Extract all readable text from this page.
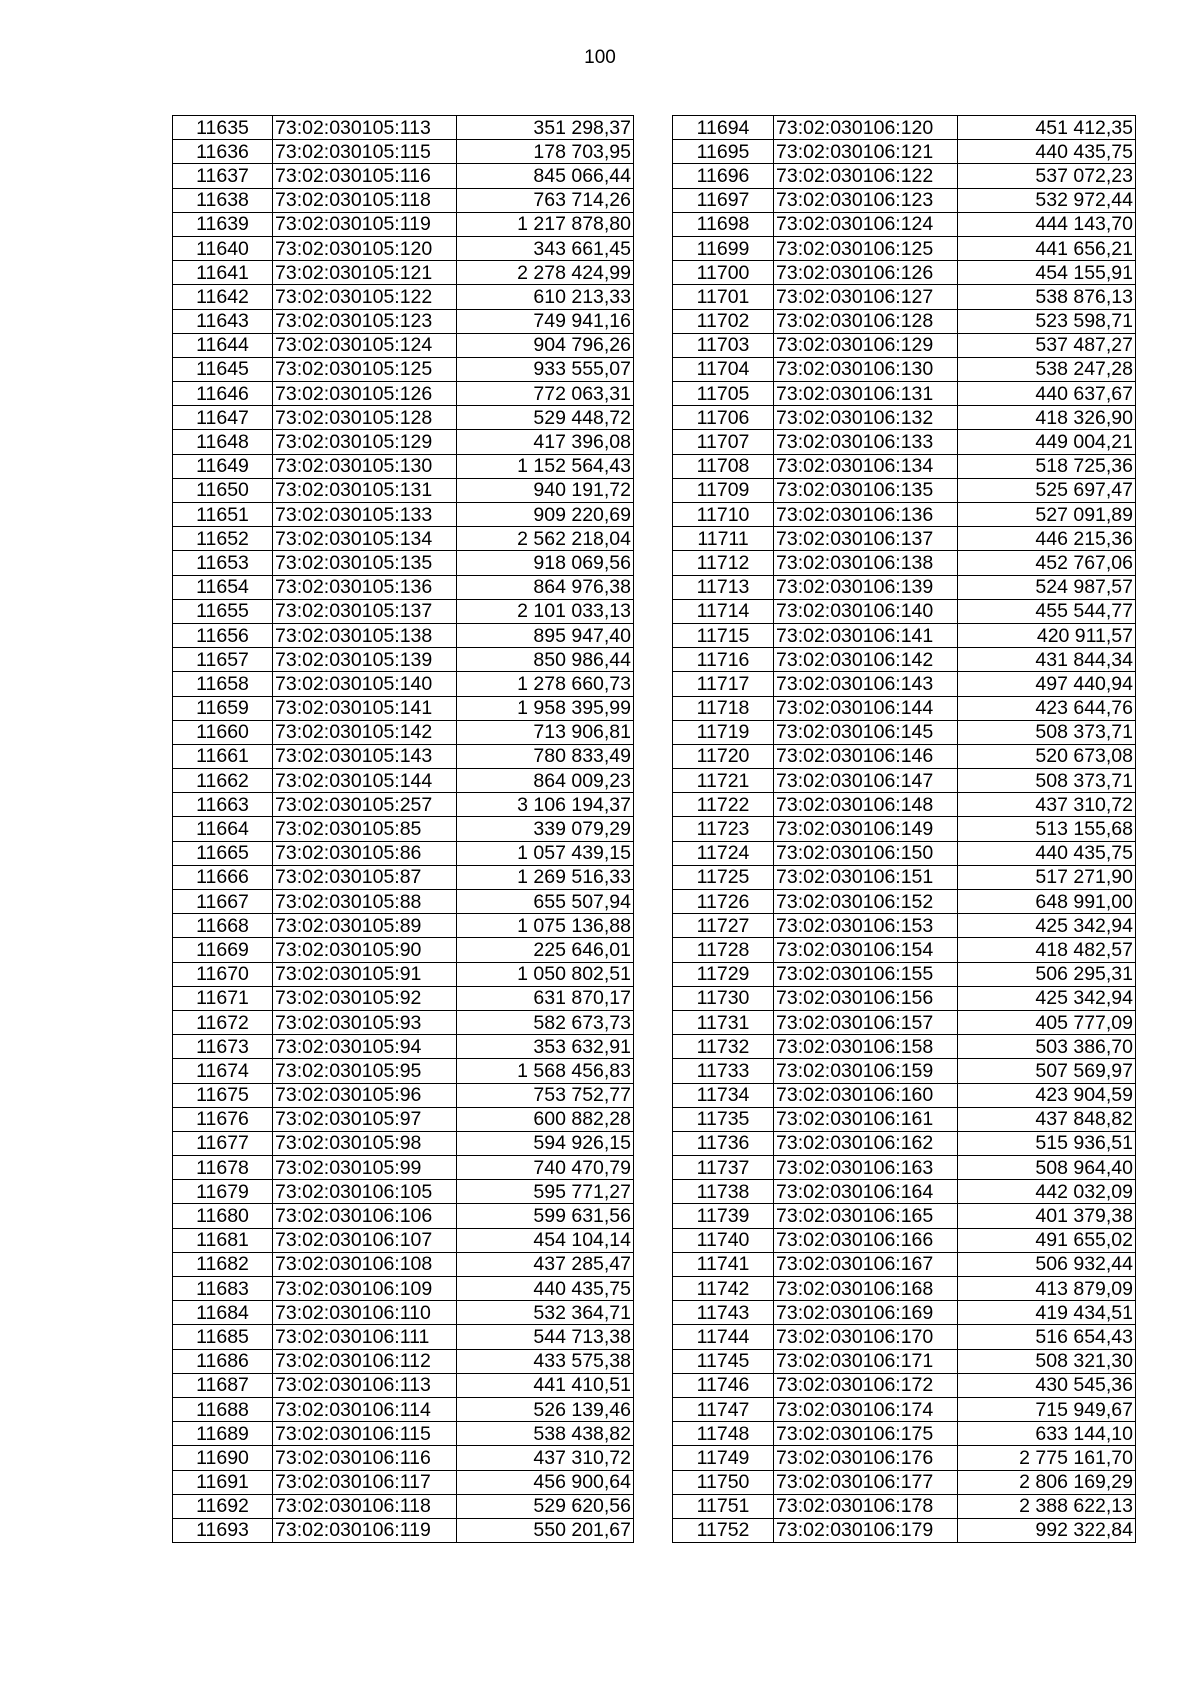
100
11635	73:02:030105:113	351 298,37
11636	73:02:030105:115	178 703,95
11637	73:02:030105:116	845 066,44
11638	73:02:030105:118	763 714,26
11639	73:02:030105:119	1 217 878,80
11640	73:02:030105:120	343 661,45
11641	73:02:030105:121	2 278 424,99
11642	73:02:030105:122	610 213,33
11643	73:02:030105:123	749 941,16
11644	73:02:030105:124	904 796,26
11645	73:02:030105:125	933 555,07
11646	73:02:030105:126	772 063,31
11647	73:02:030105:128	529 448,72
11648	73:02:030105:129	417 396,08
11649	73:02:030105:130	1 152 564,43
11650	73:02:030105:131	940 191,72
11651	73:02:030105:133	909 220,69
11652	73:02:030105:134	2 562 218,04
11653	73:02:030105:135	918 069,56
11654	73:02:030105:136	864 976,38
11655	73:02:030105:137	2 101 033,13
11656	73:02:030105:138	895 947,40
11657	73:02:030105:139	850 986,44
11658	73:02:030105:140	1 278 660,73
11659	73:02:030105:141	1 958 395,99
11660	73:02:030105:142	713 906,81
11661	73:02:030105:143	780 833,49
11662	73:02:030105:144	864 009,23
11663	73:02:030105:257	3 106 194,37
11664	73:02:030105:85	339 079,29
11665	73:02:030105:86	1 057 439,15
11666	73:02:030105:87	1 269 516,33
11667	73:02:030105:88	655 507,94
11668	73:02:030105:89	1 075 136,88
11669	73:02:030105:90	225 646,01
11670	73:02:030105:91	1 050 802,51
11671	73:02:030105:92	631 870,17
11672	73:02:030105:93	582 673,73
11673	73:02:030105:94	353 632,91
11674	73:02:030105:95	1 568 456,83
11675	73:02:030105:96	753 752,77
11676	73:02:030105:97	600 882,28
11677	73:02:030105:98	594 926,15
11678	73:02:030105:99	740 470,79
11679	73:02:030106:105	595 771,27
11680	73:02:030106:106	599 631,56
11681	73:02:030106:107	454 104,14
11682	73:02:030106:108	437 285,47
11683	73:02:030106:109	440 435,75
11684	73:02:030106:110	532 364,71
11685	73:02:030106:111	544 713,38
11686	73:02:030106:112	433 575,38
11687	73:02:030106:113	441 410,51
11688	73:02:030106:114	526 139,46
11689	73:02:030106:115	538 438,82
11690	73:02:030106:116	437 310,72
11691	73:02:030106:117	456 900,64
11692	73:02:030106:118	529 620,56
11693	73:02:030106:119	550 201,67
11694	73:02:030106:120	451 412,35
11695	73:02:030106:121	440 435,75
11696	73:02:030106:122	537 072,23
11697	73:02:030106:123	532 972,44
11698	73:02:030106:124	444 143,70
11699	73:02:030106:125	441 656,21
11700	73:02:030106:126	454 155,91
11701	73:02:030106:127	538 876,13
11702	73:02:030106:128	523 598,71
11703	73:02:030106:129	537 487,27
11704	73:02:030106:130	538 247,28
11705	73:02:030106:131	440 637,67
11706	73:02:030106:132	418 326,90
11707	73:02:030106:133	449 004,21
11708	73:02:030106:134	518 725,36
11709	73:02:030106:135	525 697,47
11710	73:02:030106:136	527 091,89
11711	73:02:030106:137	446 215,36
11712	73:02:030106:138	452 767,06
11713	73:02:030106:139	524 987,57
11714	73:02:030106:140	455 544,77
11715	73:02:030106:141	420 911,57
11716	73:02:030106:142	431 844,34
11717	73:02:030106:143	497 440,94
11718	73:02:030106:144	423 644,76
11719	73:02:030106:145	508 373,71
11720	73:02:030106:146	520 673,08
11721	73:02:030106:147	508 373,71
11722	73:02:030106:148	437 310,72
11723	73:02:030106:149	513 155,68
11724	73:02:030106:150	440 435,75
11725	73:02:030106:151	517 271,90
11726	73:02:030106:152	648 991,00
11727	73:02:030106:153	425 342,94
11728	73:02:030106:154	418 482,57
11729	73:02:030106:155	506 295,31
11730	73:02:030106:156	425 342,94
11731	73:02:030106:157	405 777,09
11732	73:02:030106:158	503 386,70
11733	73:02:030106:159	507 569,97
11734	73:02:030106:160	423 904,59
11735	73:02:030106:161	437 848,82
11736	73:02:030106:162	515 936,51
11737	73:02:030106:163	508 964,40
11738	73:02:030106:164	442 032,09
11739	73:02:030106:165	401 379,38
11740	73:02:030106:166	491 655,02
11741	73:02:030106:167	506 932,44
11742	73:02:030106:168	413 879,09
11743	73:02:030106:169	419 434,51
11744	73:02:030106:170	516 654,43
11745	73:02:030106:171	508 321,30
11746	73:02:030106:172	430 545,36
11747	73:02:030106:174	715 949,67
11748	73:02:030106:175	633 144,10
11749	73:02:030106:176	2 775 161,70
11750	73:02:030106:177	2 806 169,29
11751	73:02:030106:178	2 388 622,13
11752	73:02:030106:179	992 322,84
